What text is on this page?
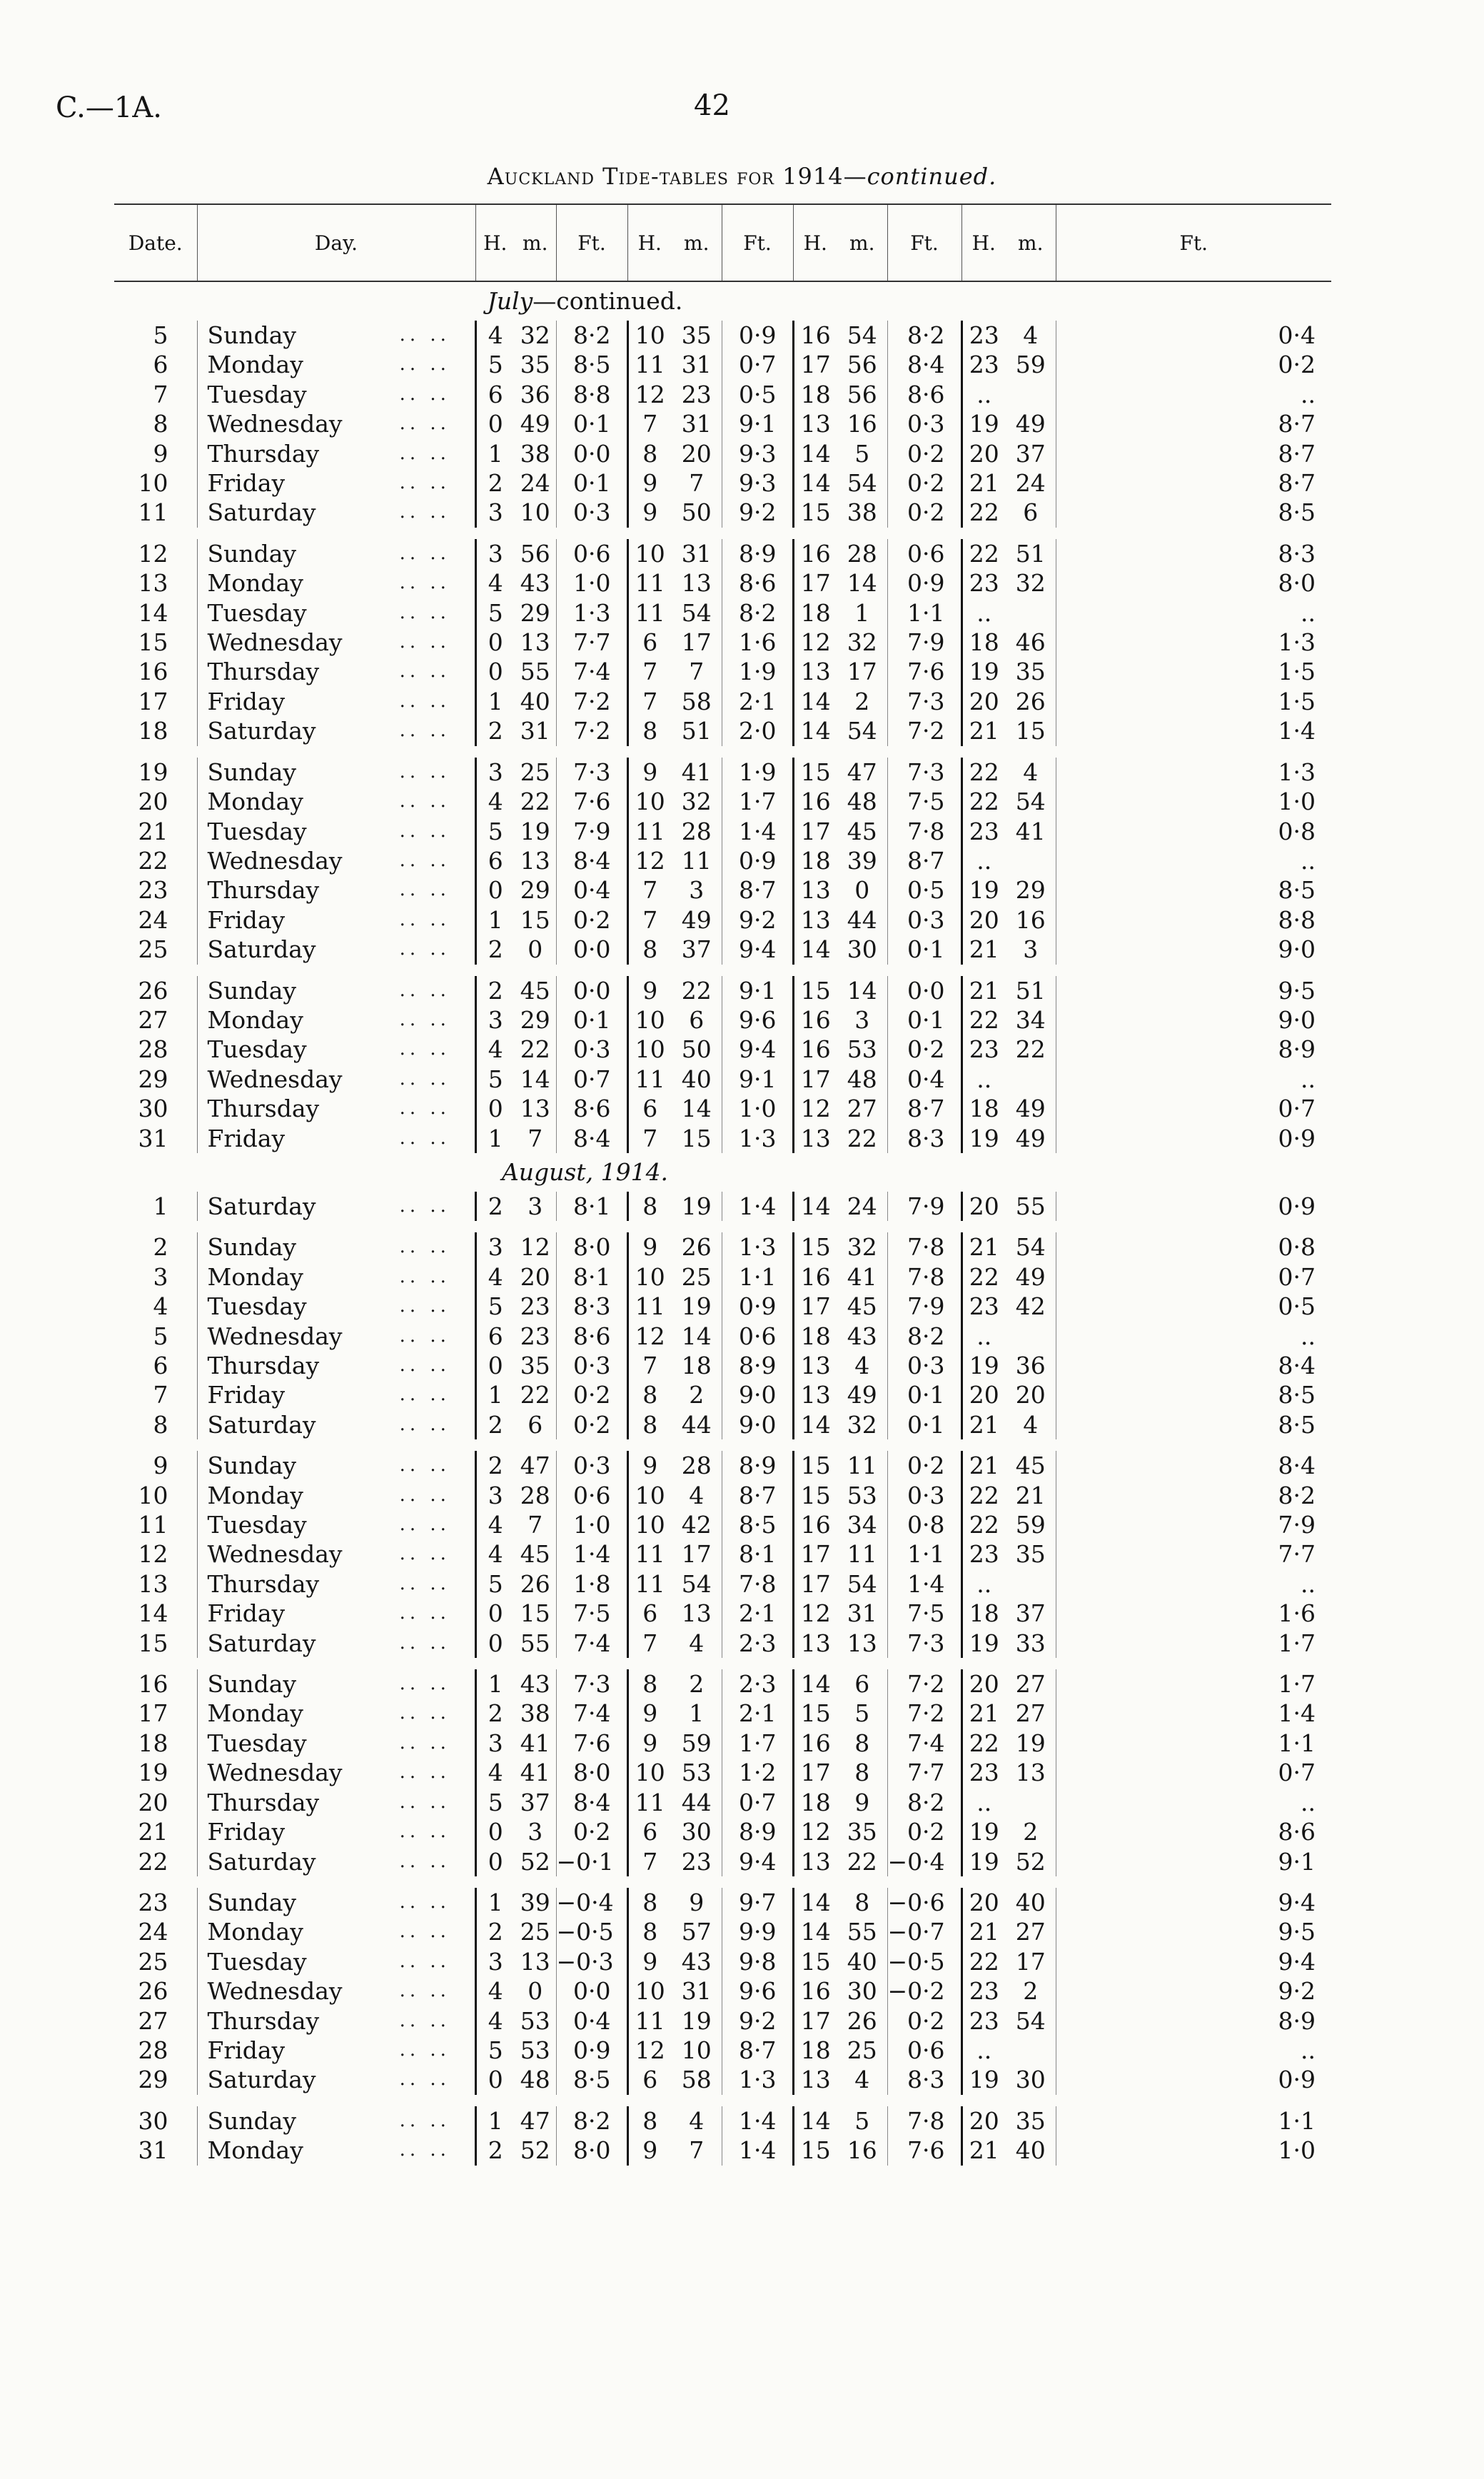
C.—1A.	42
Auckland Tide-tables for 1914—continued.
Date.	Day.		H.	m.	Ft.	H.	m.	Ft.	H.	m.	Ft.	H.	m.	Ft.
July—continued.														
5	Sunday	.. ..	4	32	8·2	10	35	0·9	16	54	8·2	23	4	0·4
6	Monday	.. ..	5	35	8·5	11	31	0·7	17	56	8·4	23	59	0·2
7	Tuesday	.. ..	6	36	8·8	12	23	0·5	18	56	8·6	..		..
8	Wednesday	.. ..	0	49	0·1	7	31	9·1	13	16	0·3	19	49	8·7
9	Thursday	.. ..	1	38	0·0	8	20	9·3	14	5	0·2	20	37	8·7
10	Friday	.. ..	2	24	0·1	9	7	9·3	14	54	0·2	21	24	8·7
11	Saturday	.. ..	3	10	0·3	9	50	9·2	15	38	0·2	22	6	8·5

12	Sunday	.. ..	3	56	0·6	10	31	8·9	16	28	0·6	22	51	8·3
13	Monday	.. ..	4	43	1·0	11	13	8·6	17	14	0·9	23	32	8·0
14	Tuesday	.. ..	5	29	1·3	11	54	8·2	18	1	1·1	..		..
15	Wednesday	.. ..	0	13	7·7	6	17	1·6	12	32	7·9	18	46	1·3
16	Thursday	.. ..	0	55	7·4	7	7	1·9	13	17	7·6	19	35	1·5
17	Friday	.. ..	1	40	7·2	7	58	2·1	14	2	7·3	20	26	1·5
18	Saturday	.. ..	2	31	7·2	8	51	2·0	14	54	7·2	21	15	1·4

19	Sunday	.. ..	3	25	7·3	9	41	1·9	15	47	7·3	22	4	1·3
20	Monday	.. ..	4	22	7·6	10	32	1·7	16	48	7·5	22	54	1·0
21	Tuesday	.. ..	5	19	7·9	11	28	1·4	17	45	7·8	23	41	0·8
22	Wednesday	.. ..	6	13	8·4	12	11	0·9	18	39	8·7	..		..
23	Thursday	.. ..	0	29	0·4	7	3	8·7	13	0	0·5	19	29	8·5
24	Friday	.. ..	1	15	0·2	7	49	9·2	13	44	0·3	20	16	8·8
25	Saturday	.. ..	2	0	0·0	8	37	9·4	14	30	0·1	21	3	9·0

26	Sunday	.. ..	2	45	0·0	9	22	9·1	15	14	0·0	21	51	9·5
27	Monday	.. ..	3	29	0·1	10	6	9·6	16	3	0·1	22	34	9·0
28	Tuesday	.. ..	4	22	0·3	10	50	9·4	16	53	0·2	23	22	8·9
29	Wednesday	.. ..	5	14	0·7	11	40	9·1	17	48	0·4	..		..
30	Thursday	.. ..	0	13	8·6	6	14	1·0	12	27	8·7	18	49	0·7
31	Friday	.. ..	1	7	8·4	7	15	1·3	13	22	8·3	19	49	0·9
August, 1914.														
1	Saturday	.. ..	2	3	8·1	8	19	1·4	14	24	7·9	20	55	0·9

2	Sunday	.. ..	3	12	8·0	9	26	1·3	15	32	7·8	21	54	0·8
3	Monday	.. ..	4	20	8·1	10	25	1·1	16	41	7·8	22	49	0·7
4	Tuesday	.. ..	5	23	8·3	11	19	0·9	17	45	7·9	23	42	0·5
5	Wednesday	.. ..	6	23	8·6	12	14	0·6	18	43	8·2	..		..
6	Thursday	.. ..	0	35	0·3	7	18	8·9	13	4	0·3	19	36	8·4
7	Friday	.. ..	1	22	0·2	8	2	9·0	13	49	0·1	20	20	8·5
8	Saturday	.. ..	2	6	0·2	8	44	9·0	14	32	0·1	21	4	8·5

9	Sunday	.. ..	2	47	0·3	9	28	8·9	15	11	0·2	21	45	8·4
10	Monday	.. ..	3	28	0·6	10	4	8·7	15	53	0·3	22	21	8·2
11	Tuesday	.. ..	4	7	1·0	10	42	8·5	16	34	0·8	22	59	7·9
12	Wednesday	.. ..	4	45	1·4	11	17	8·1	17	11	1·1	23	35	7·7
13	Thursday	.. ..	5	26	1·8	11	54	7·8	17	54	1·4	..		..
14	Friday	.. ..	0	15	7·5	6	13	2·1	12	31	7·5	18	37	1·6
15	Saturday	.. ..	0	55	7·4	7	4	2·3	13	13	7·3	19	33	1·7

16	Sunday	.. ..	1	43	7·3	8	2	2·3	14	6	7·2	20	27	1·7
17	Monday	.. ..	2	38	7·4	9	1	2·1	15	5	7·2	21	27	1·4
18	Tuesday	.. ..	3	41	7·6	9	59	1·7	16	8	7·4	22	19	1·1
19	Wednesday	.. ..	4	41	8·0	10	53	1·2	17	8	7·7	23	13	0·7
20	Thursday	.. ..	5	37	8·4	11	44	0·7	18	9	8·2	..		..
21	Friday	.. ..	0	3	0·2	6	30	8·9	12	35	0·2	19	2	8·6
22	Saturday	.. ..	0	52	−0·1	7	23	9·4	13	22	−0·4	19	52	9·1

23	Sunday	.. ..	1	39	−0·4	8	9	9·7	14	8	−0·6	20	40	9·4
24	Monday	.. ..	2	25	−0·5	8	57	9·9	14	55	−0·7	21	27	9·5
25	Tuesday	.. ..	3	13	−0·3	9	43	9·8	15	40	−0·5	22	17	9·4
26	Wednesday	.. ..	4	0	0·0	10	31	9·6	16	30	−0·2	23	2	9·2
27	Thursday	.. ..	4	53	0·4	11	19	9·2	17	26	0·2	23	54	8·9
28	Friday	.. ..	5	53	0·9	12	10	8·7	18	25	0·6	..		..
29	Saturday	.. ..	0	48	8·5	6	58	1·3	13	4	8·3	19	30	0·9

30	Sunday	.. ..	1	47	8·2	8	4	1·4	14	5	7·8	20	35	1·1
31	Monday	.. ..	2	52	8·0	9	7	1·4	15	16	7·6	21	40	1·0
